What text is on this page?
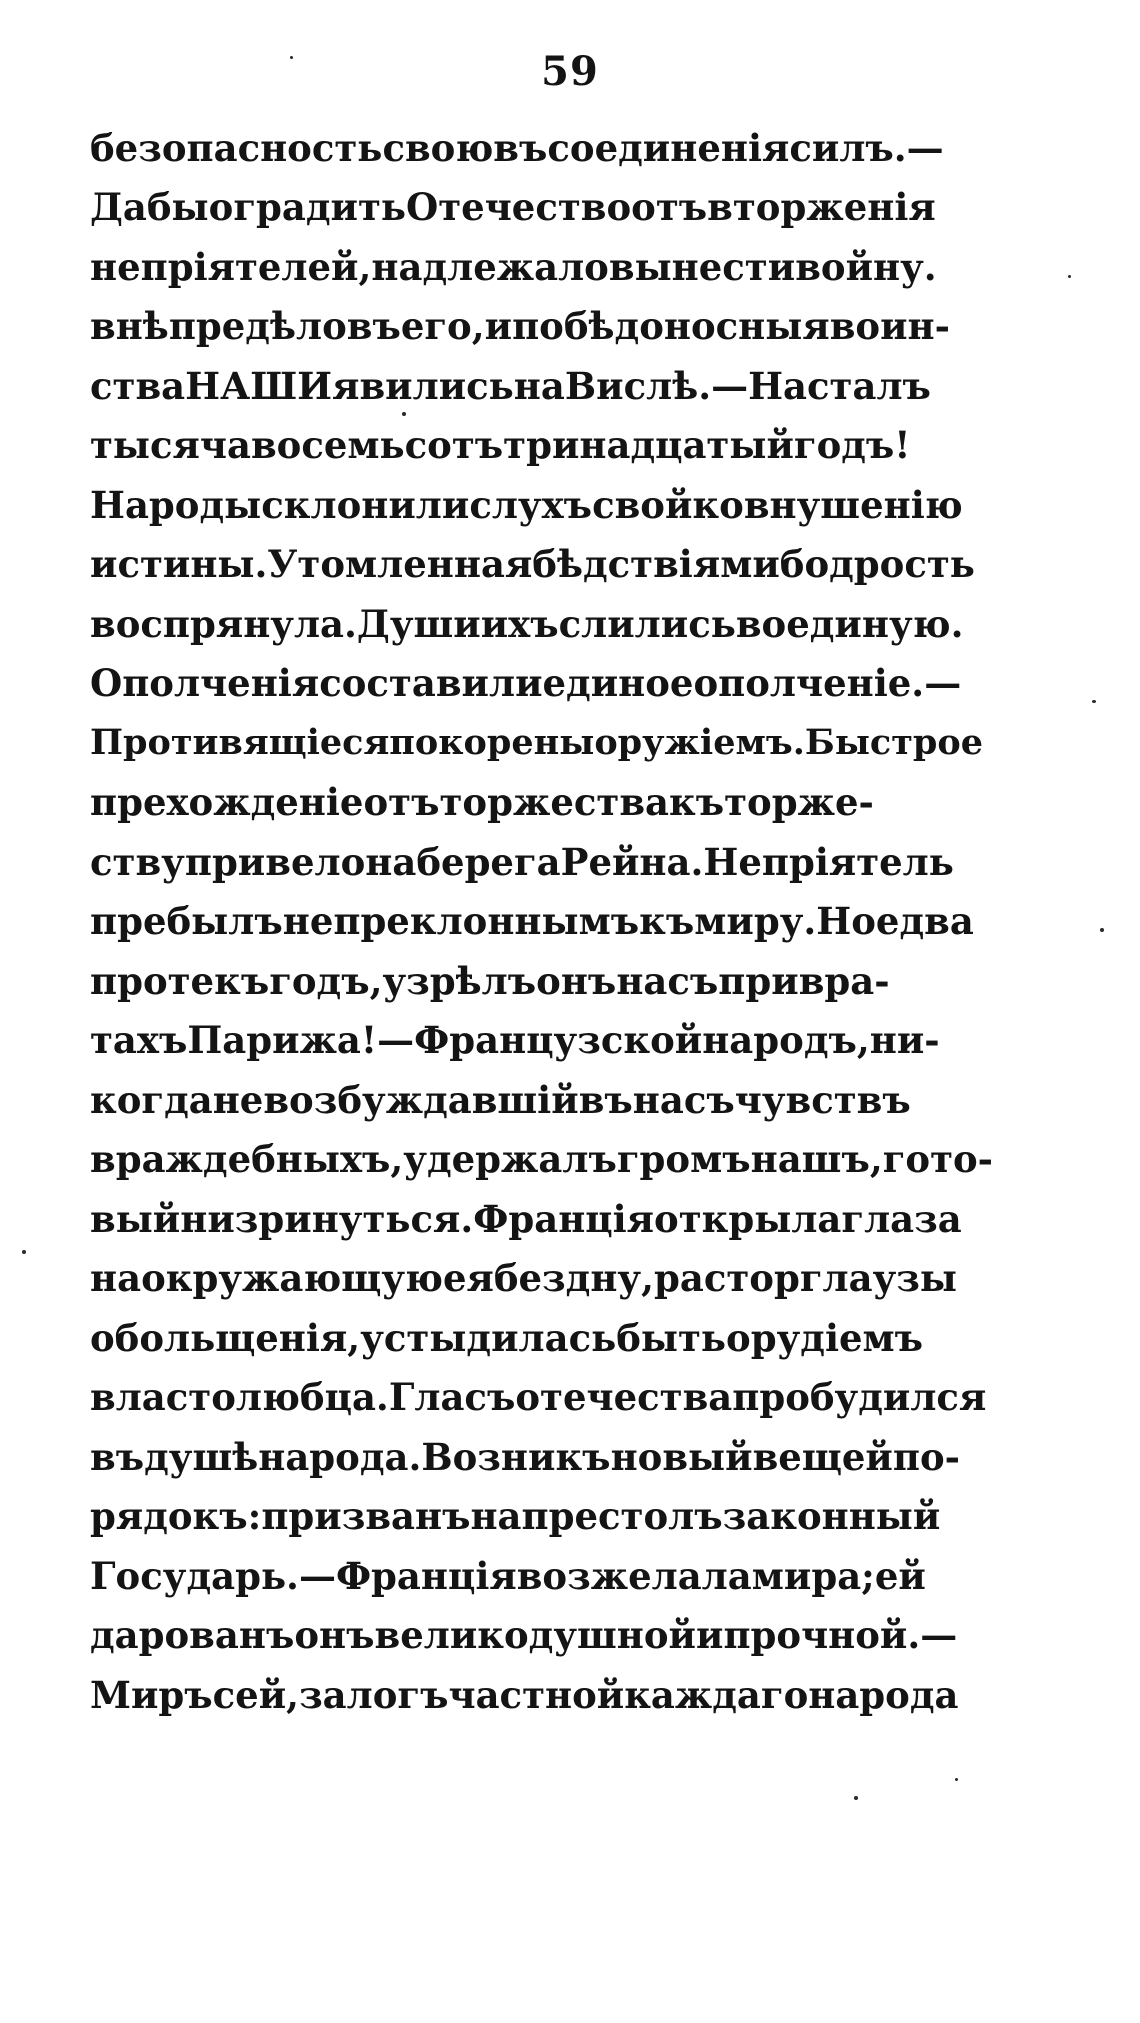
59
безопасность свою въ соединенія силъ. —
Дабы оградить Отечество отъ вторженія
непріятелей , надлежало вынести войну.
внѣ предѣловъ его , и побѣдоносныя воин-
ства НАШИ явились на Вислѣ. — Насталъ
тысяча восемьсотъ тринадцатый годъ!
Народы склонили слухъ свой ко внушенію
истины. Утомленная бѣдствіями бодрость
воспрянула. Души ихъ слились во единую.
Ополченія составили единое ополченіе. —
Противящіеся покорены оружіемъ. Быстрое
прехожденіе отъ торжества къ торже-
ству привело на берега Рейна. Непріятель
пребылъ непреклоннымъ къ миру. Но едва
протекъ годъ , узрѣлъ онъ насъ при вра-
тахъ Парижа ! — Французской народъ, ни-
когда не возбуждавшій въ насъ чувствъ
враждебныхъ, удержалъ громъ нашъ, гото-
вый низринуться. Франція открыла глаза
на окружающую ея бездну , расторгла узы
обольщенія , устыдилась быть орудіемъ
властолюбца. Гласъ отечества пробудился
въ душѣ народа. Возникъ новый вещей по-
рядокъ: призванъ на престолъ законный
Государь. — Франція возжелала мира; ей
дарованъ онъ великодушной и прочной. —
Миръ сей, залогъ частной каждаго народа
